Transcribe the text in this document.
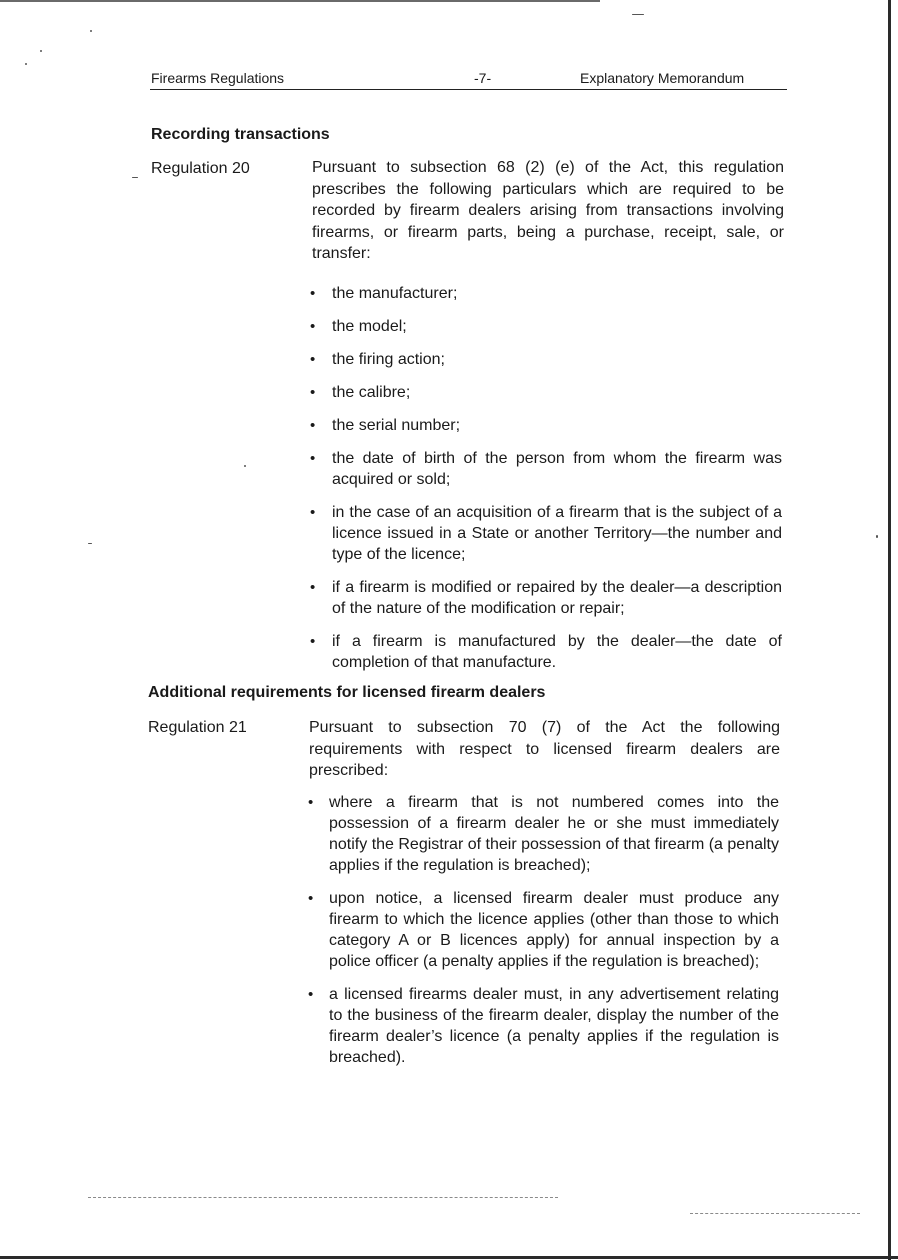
Firearms Regulations	-7-	Explanatory Memorandum
Recording transactions
Regulation 20	Pursuant to subsection 68 (2) (e) of the Act, this regulation prescribes the following particulars which are required to be recorded by firearm dealers arising from transactions involving firearms, or firearm parts, being a purchase, receipt, sale, or transfer:
• the manufacturer;
• the model;
• the firing action;
• the calibre;
• the serial number;
• the date of birth of the person from whom the firearm was acquired or sold;
• in the case of an acquisition of a firearm that is the subject of a licence issued in a State or another Territory—the number and type of the licence;
• if a firearm is modified or repaired by the dealer—a description of the nature of the modification or repair;
• if a firearm is manufactured by the dealer—the date of completion of that manufacture.
Additional requirements for licensed firearm dealers
Regulation 21	Pursuant to subsection 70 (7) of the Act the following requirements with respect to licensed firearm dealers are prescribed:
• where a firearm that is not numbered comes into the possession of a firearm dealer he or she must immediately notify the Registrar of their possession of that firearm (a penalty applies if the regulation is breached);
• upon notice, a licensed firearm dealer must produce any firearm to which the licence applies (other than those to which category A or B licences apply) for annual inspection by a police officer (a penalty applies if the regulation is breached);
• a licensed firearms dealer must, in any advertisement relating to the business of the firearm dealer, display the number of the firearm dealer’s licence (a penalty applies if the regulation is breached).
